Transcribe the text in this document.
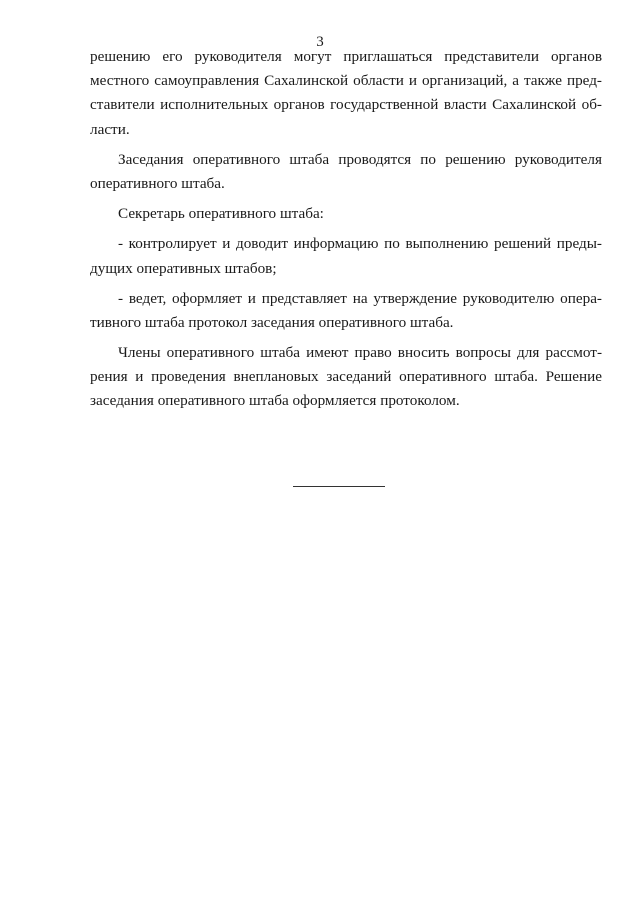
3
решению его руководителя могут приглашаться представители органов
местного самоуправления Сахалинской области и организаций, а также пред-
ставители исполнительных органов государственной власти Сахалинской об-
ласти.
Заседания оперативного штаба проводятся по решению руководителя
оперативного штаба.
Секретарь оперативного штаба:
- контролирует и доводит информацию по выполнению решений преды-
дущих оперативных штабов;
- ведет, оформляет и представляет на утверждение руководителю опера-
тивного штаба протокол заседания оперативного штаба.
Члены оперативного штаба имеют право вносить вопросы для рассмот-
рения и проведения внеплановых заседаний оперативного штаба. Решение
заседания оперативного штаба оформляется протоколом.
